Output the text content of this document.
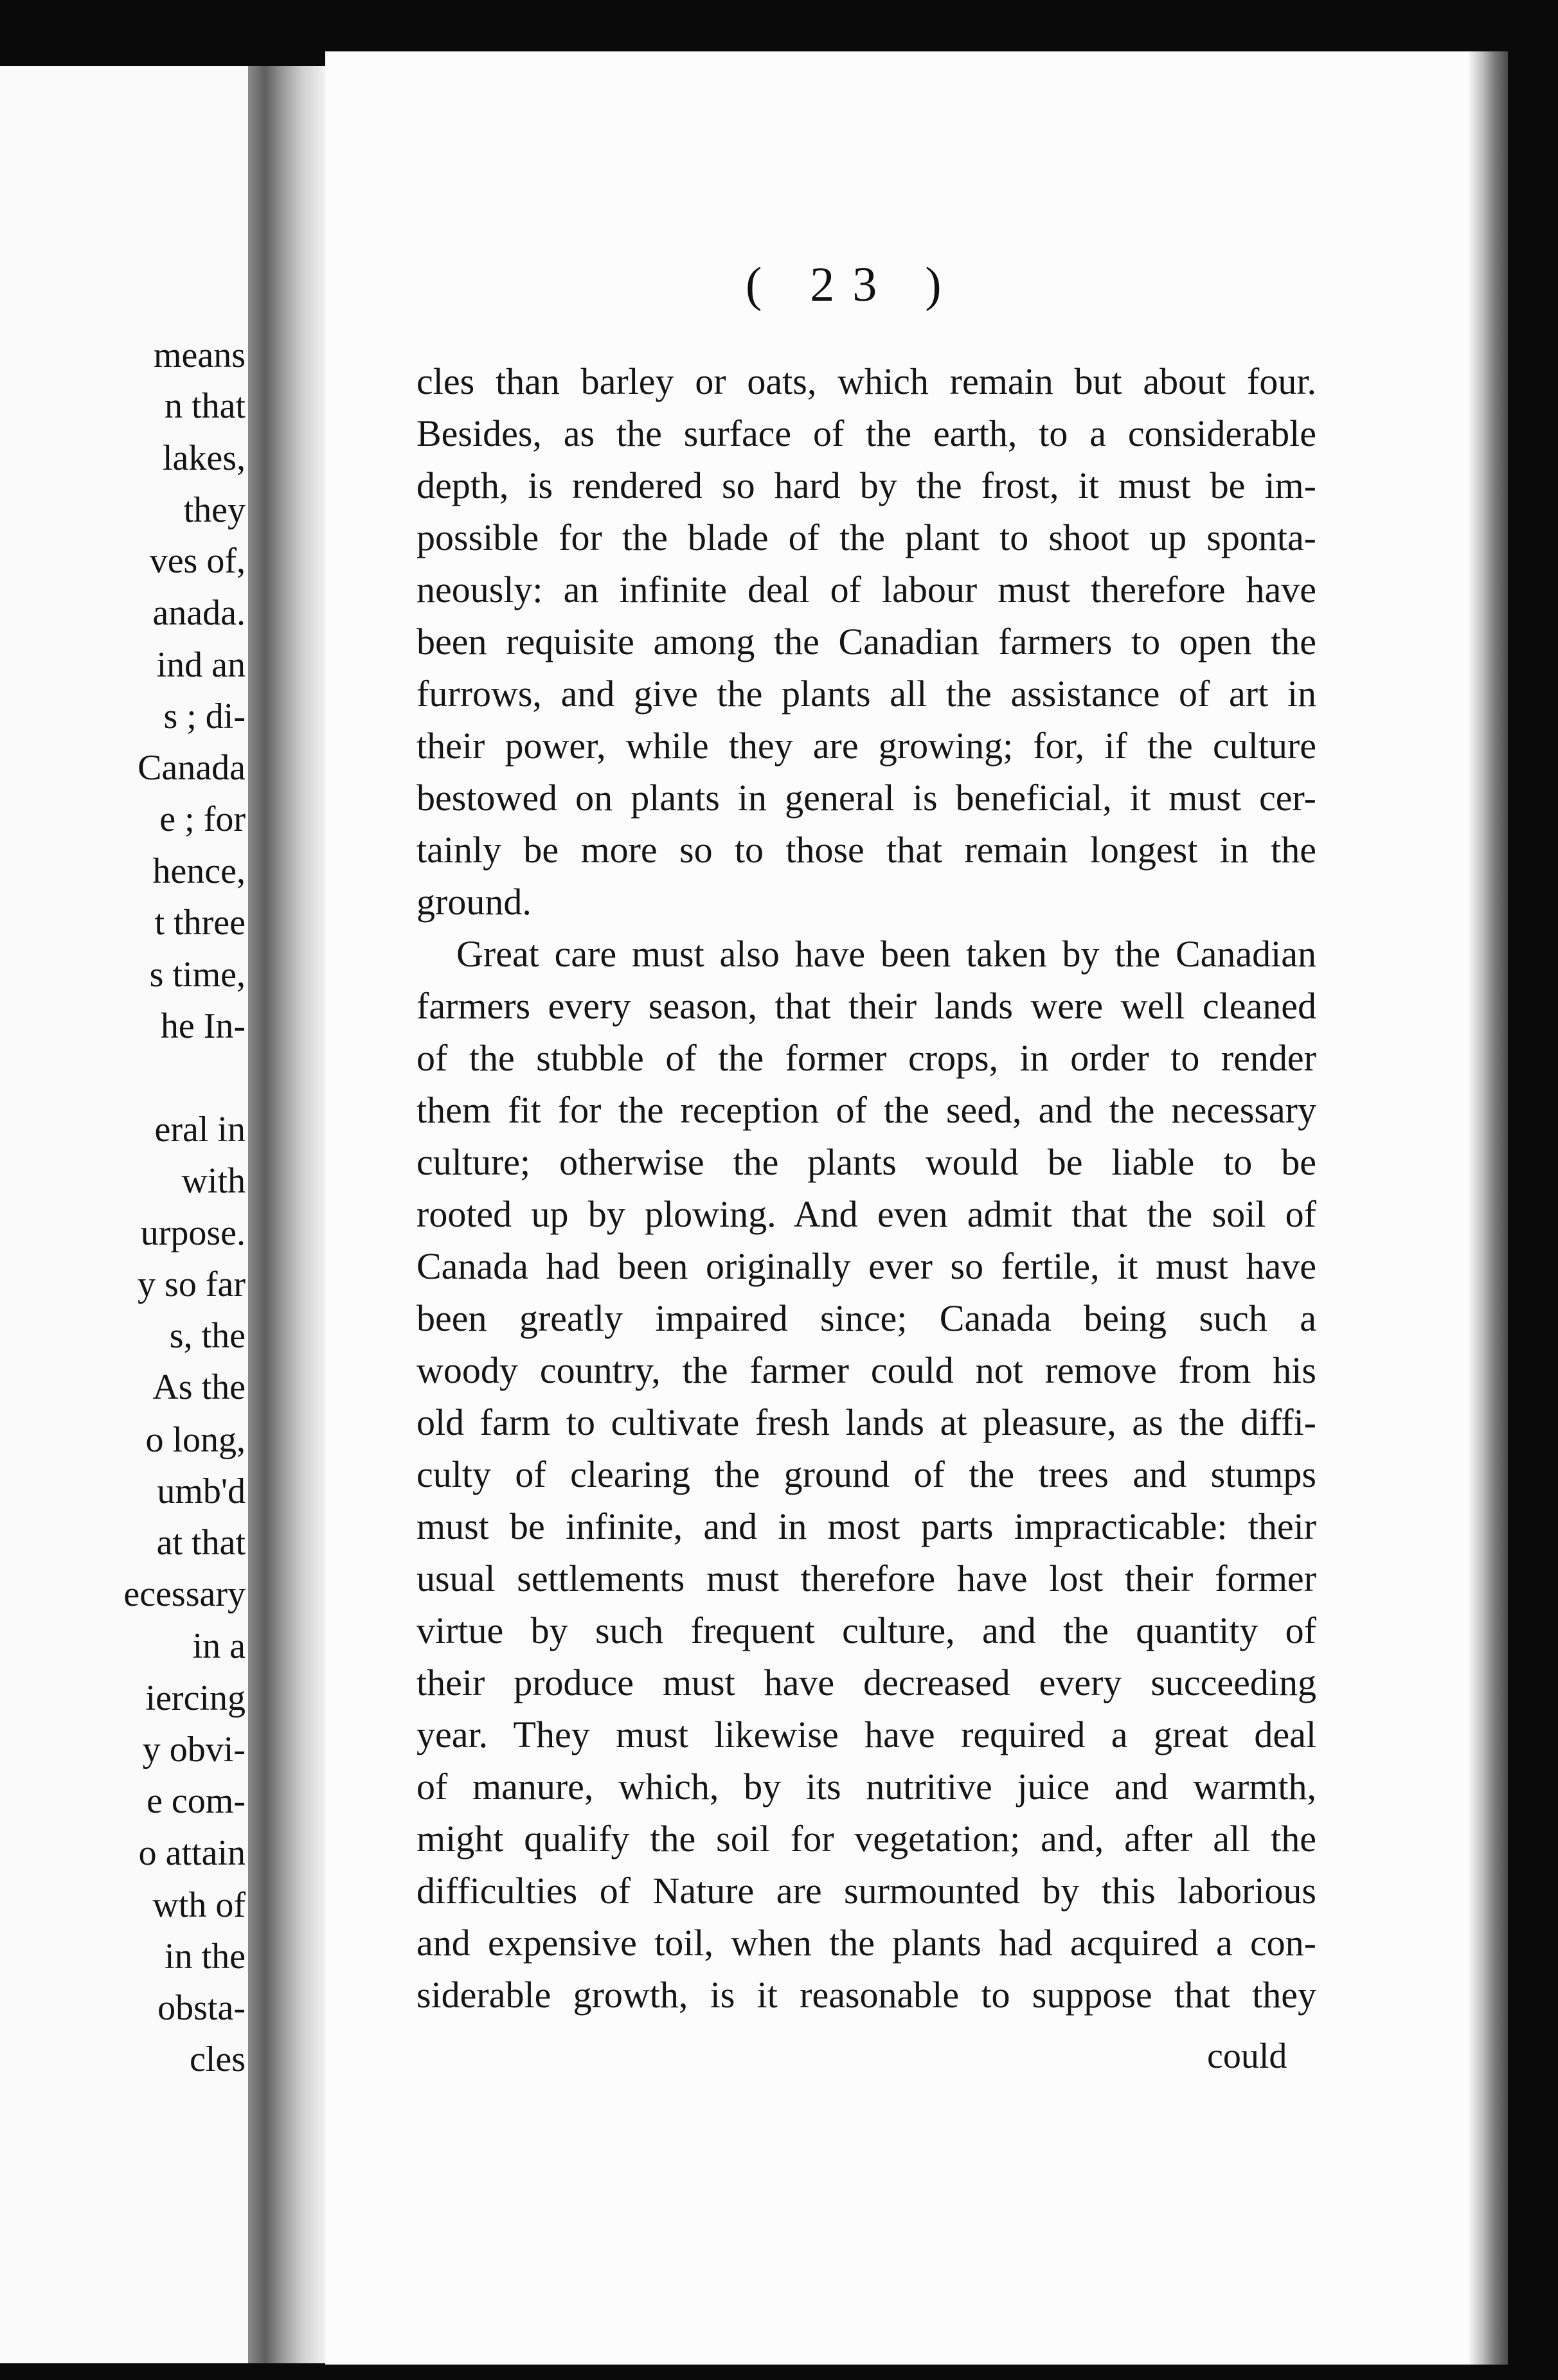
means
n that
lakes,
they
ves of,
anada.
ind an
s ; di-
Canada
e ; for
hence,
t three
s time,
he In-
eral in
with
urpose.
y so far
s, the
As the
o long,
umb'd
at that
ecessary
in a
iercing
y obvi-
e com-
o attain
wth of
in the
obsta-
cles
( 23 )
cles than barley or oats, which remain but about four.
Besides, as the surface of the earth, to a considerable
depth, is rendered so hard by the frost, it must be im-
possible for the blade of the plant to shoot up sponta-
neously: an infinite deal of labour must therefore have
been requisite among the Canadian farmers to open the
furrows, and give the plants all the assistance of art in
their power, while they are growing; for, if the culture
bestowed on plants in general is beneficial, it must cer-
tainly be more so to those that remain longest in the
ground.
Great care must also have been taken by the Canadian
farmers every season, that their lands were well cleaned
of the stubble of the former crops, in order to render
them fit for the reception of the seed, and the necessary
culture; otherwise the plants would be liable to be
rooted up by plowing. And even admit that the soil of
Canada had been originally ever so fertile, it must have
been greatly impaired since; Canada being such a
woody country, the farmer could not remove from his
old farm to cultivate fresh lands at pleasure, as the diffi-
culty of clearing the ground of the trees and stumps
must be infinite, and in most parts impracticable: their
usual settlements must therefore have lost their former
virtue by such frequent culture, and the quantity of
their produce must have decreased every succeeding
year. They must likewise have required a great deal
of manure, which, by its nutritive juice and warmth,
might qualify the soil for vegetation; and, after all the
difficulties of Nature are surmounted by this laborious
and expensive toil, when the plants had acquired a con-
siderable growth, is it reasonable to suppose that they
could
